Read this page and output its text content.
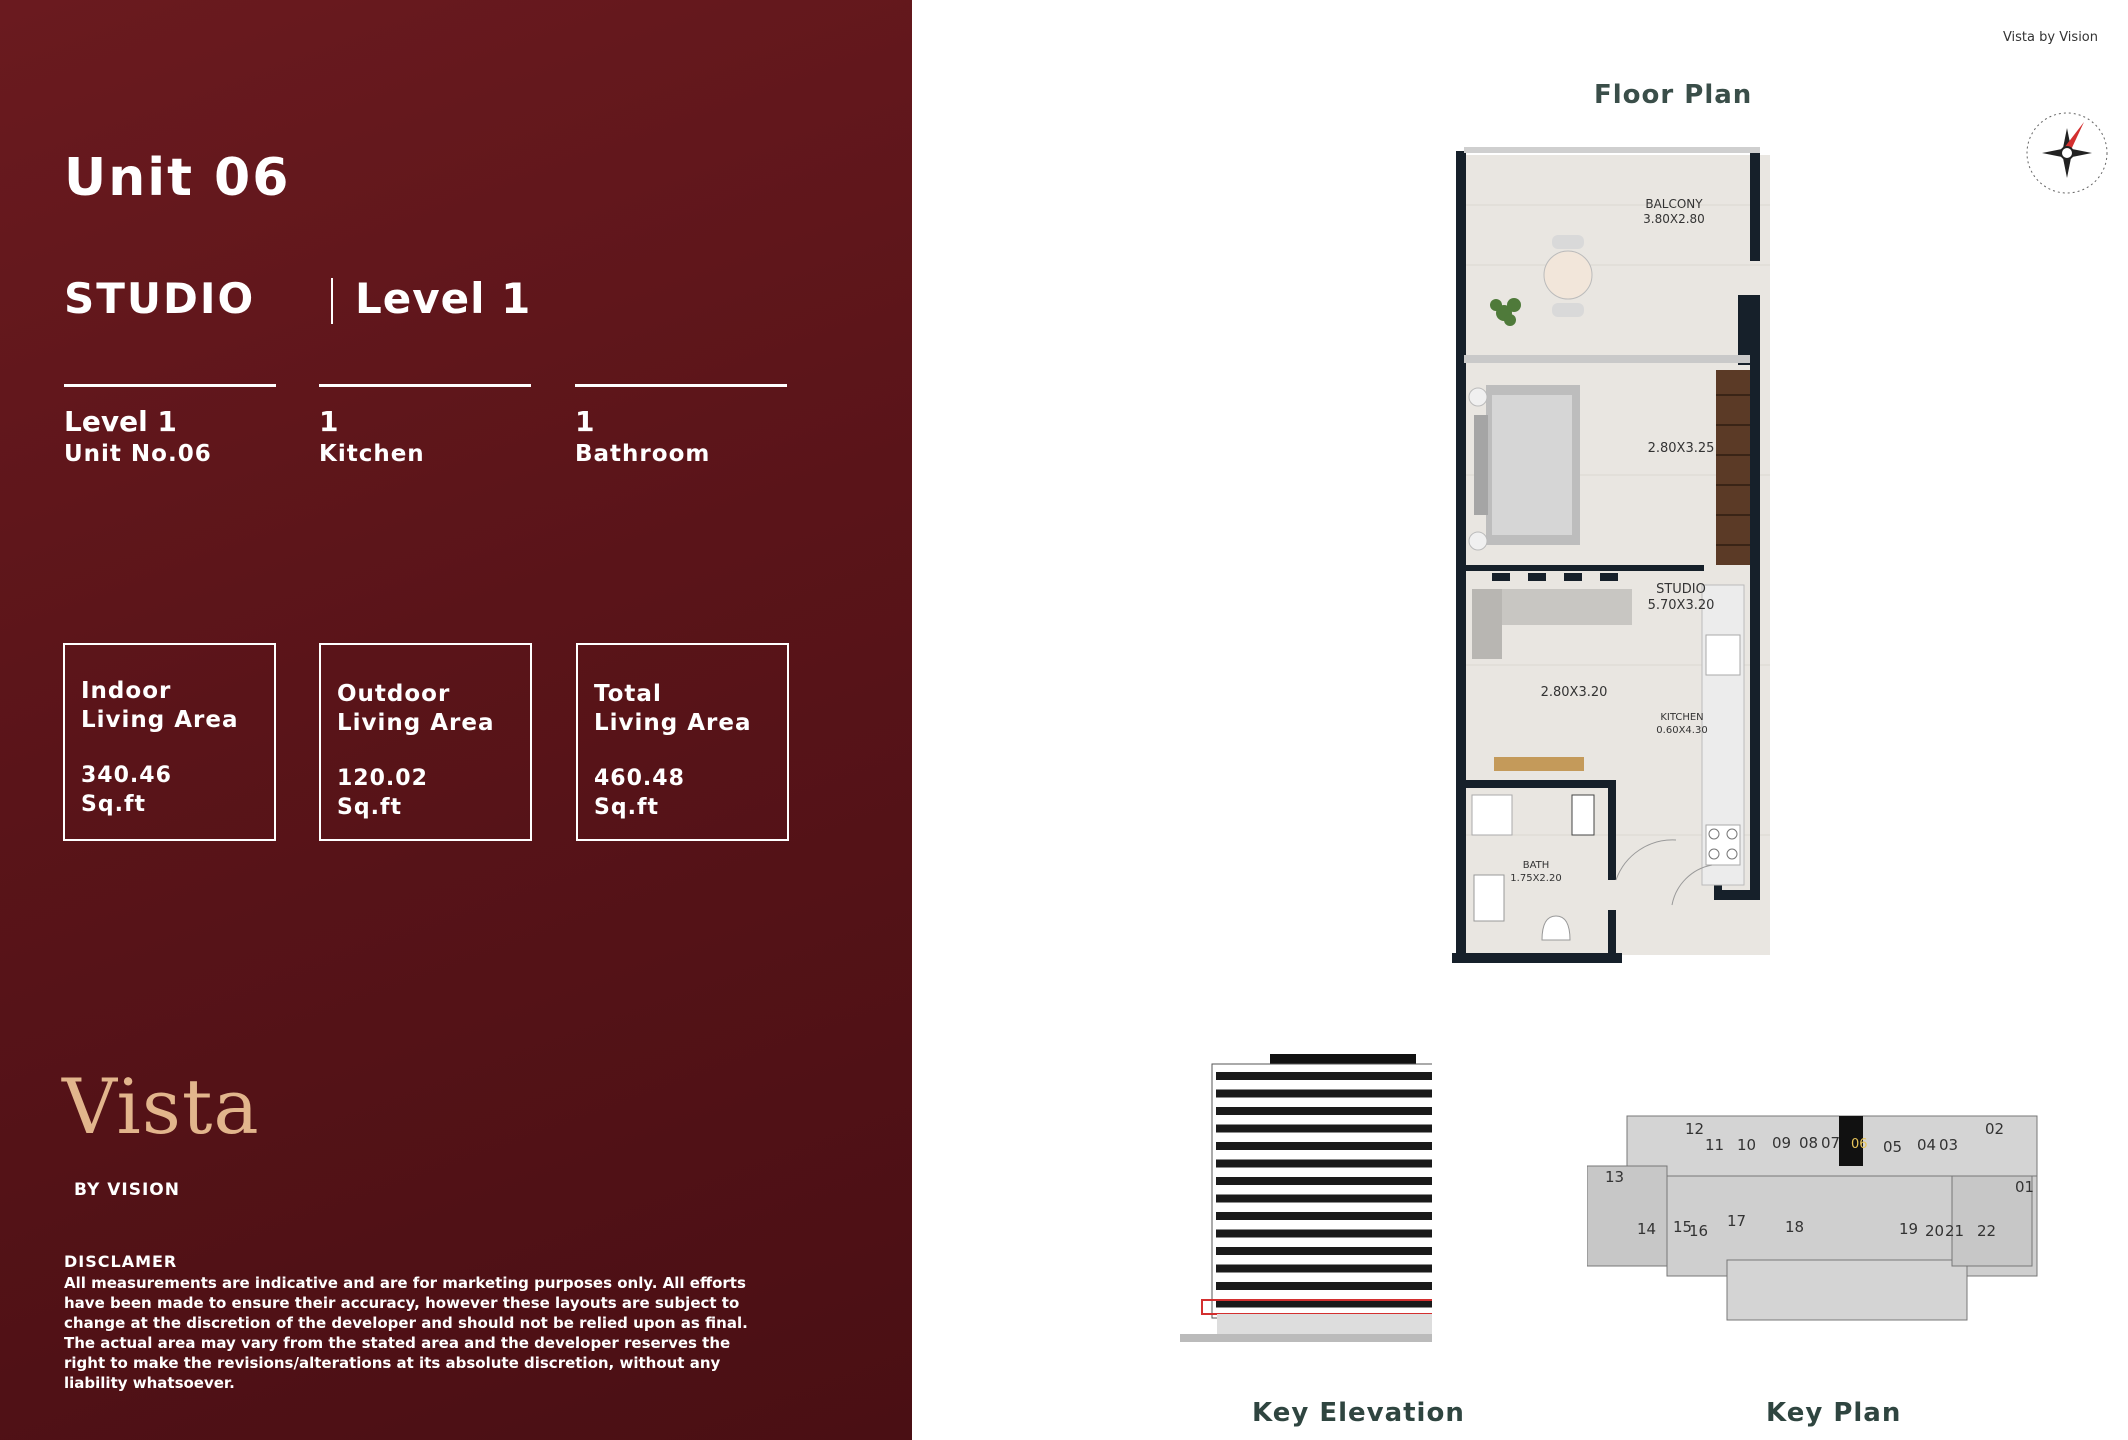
Unit 06
STUDIO Level 1
Level 1
Unit No.06
1
Kitchen
1
Bathroom
Indoor
Living Area
340.46
Sq.ft
Outdoor
Living Area
120.02
Sq.ft
Total
Living Area
460.48
Sq.ft
Vista
BY VISION
DISCLAMER
All measurements are indicative and are for marketing purposes only. All efforts have been made to ensure their accuracy, however these layouts are subject to change at the discretion of the developer and should not be relied upon as final. The actual area may vary from the stated area and the developer reserves the right to make the revisions/alterations at its absolute discretion, without any liability whatsoever.
Vista by Vision
Floor Plan
BALCONY
3.80X2.80
2.80X3.25
STUDIO
5.70X3.20
2.80X3.20
KITCHEN
0.60X4.30
BATH
1.75X2.20
12
11 10 09 08 07 06 05 04 03
02
13
01
14 15
16
17	18	19 20 21 22
Key Elevation	Key Plan
